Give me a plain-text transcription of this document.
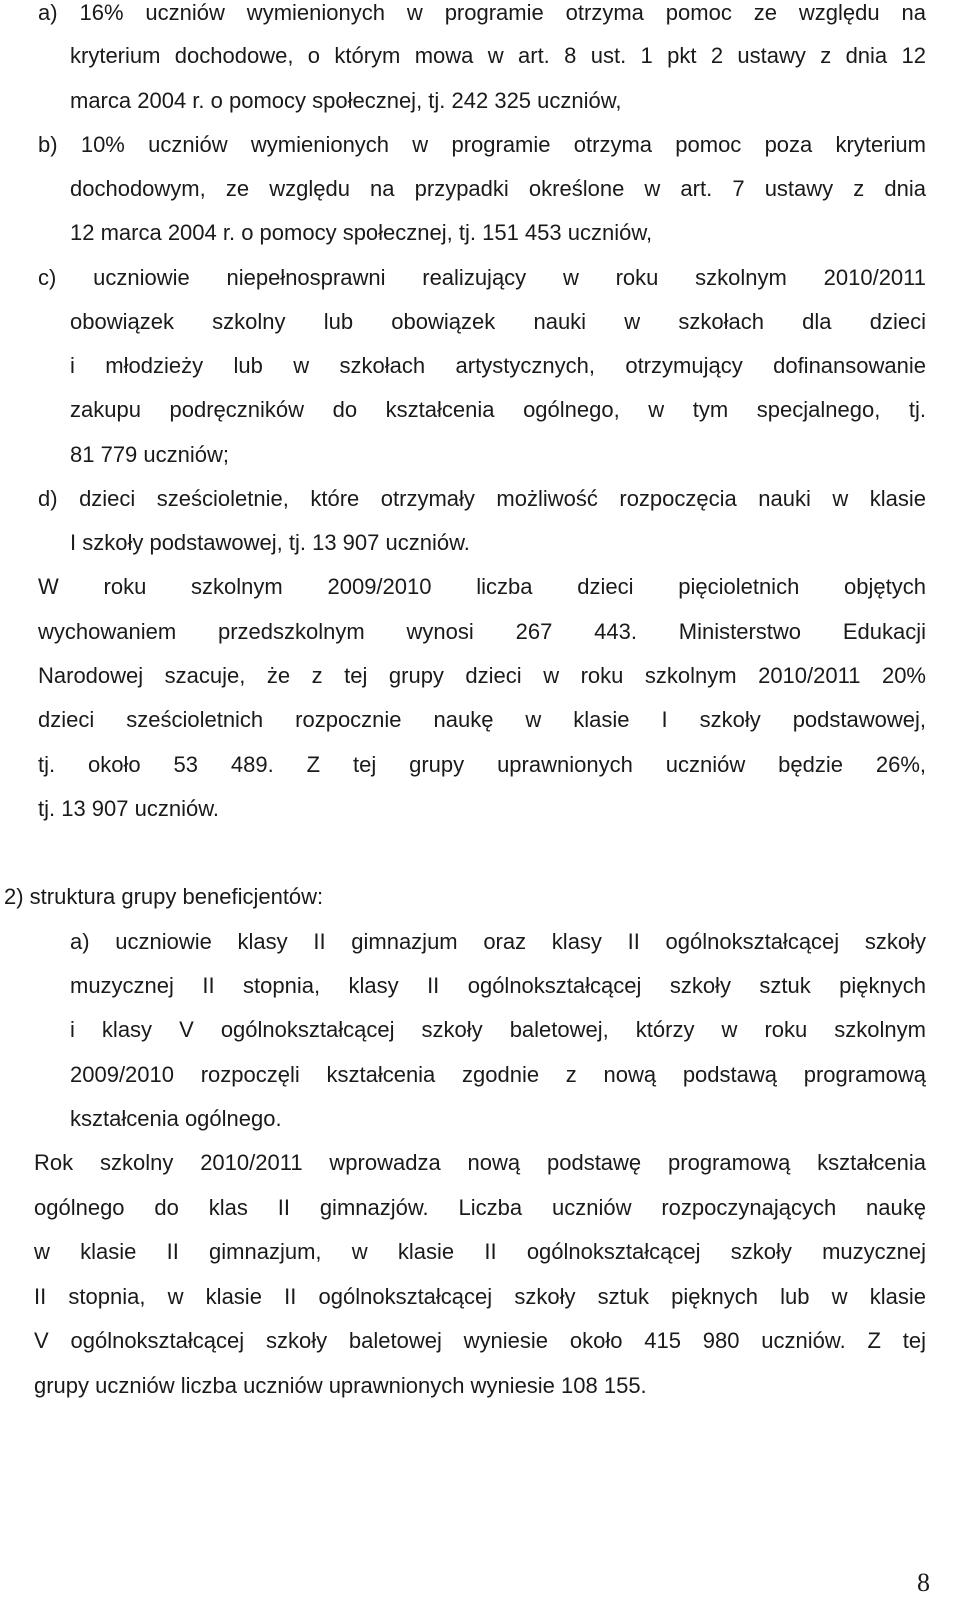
a) 16% uczniów wymienionych w programie otrzyma pomoc ze względu na
kryterium dochodowe, o którym mowa w art. 8 ust. 1 pkt 2 ustawy z dnia 12
marca 2004 r. o pomocy społecznej, tj. 242 325 uczniów,
b) 10% uczniów wymienionych w programie otrzyma pomoc poza kryterium
dochodowym, ze względu na przypadki określone w art. 7 ustawy z dnia
12 marca 2004 r. o pomocy społecznej, tj. 151 453 uczniów,
c) uczniowie niepełnosprawni realizujący w roku szkolnym 2010/2011
obowiązek szkolny lub obowiązek nauki w szkołach dla dzieci
i młodzieży lub w szkołach artystycznych, otrzymujący dofinansowanie
zakupu podręczników do kształcenia ogólnego, w tym specjalnego, tj.
81 779 uczniów;
d) dzieci sześcioletnie, które otrzymały możliwość rozpoczęcia nauki w klasie
I szkoły podstawowej, tj. 13 907 uczniów.
W roku szkolnym 2009/2010 liczba dzieci pięcioletnich objętych
wychowaniem przedszkolnym wynosi 267 443. Ministerstwo Edukacji
Narodowej szacuje, że z tej grupy dzieci w roku szkolnym 2010/2011 20%
dzieci sześcioletnich rozpocznie naukę w klasie I szkoły podstawowej,
tj. około 53 489. Z tej grupy uprawnionych uczniów będzie 26%,
tj. 13 907 uczniów.
2) struktura grupy beneficjentów:
a) uczniowie klasy II gimnazjum oraz klasy II ogólnokształcącej szkoły
muzycznej II stopnia, klasy II ogólnokształcącej szkoły sztuk pięknych
i klasy V ogólnokształcącej szkoły baletowej, którzy w roku szkolnym
2009/2010 rozpoczęli kształcenia zgodnie z nową podstawą programową
kształcenia ogólnego.
Rok szkolny 2010/2011 wprowadza nową podstawę programową kształcenia
ogólnego do klas II gimnazjów. Liczba uczniów rozpoczynających naukę
w klasie II gimnazjum, w klasie II ogólnokształcącej szkoły muzycznej
II stopnia, w klasie II ogólnokształcącej szkoły sztuk pięknych lub w klasie
V ogólnokształcącej szkoły baletowej wyniesie około 415 980 uczniów. Z tej
grupy uczniów liczba uczniów uprawnionych wyniesie 108 155.
8
